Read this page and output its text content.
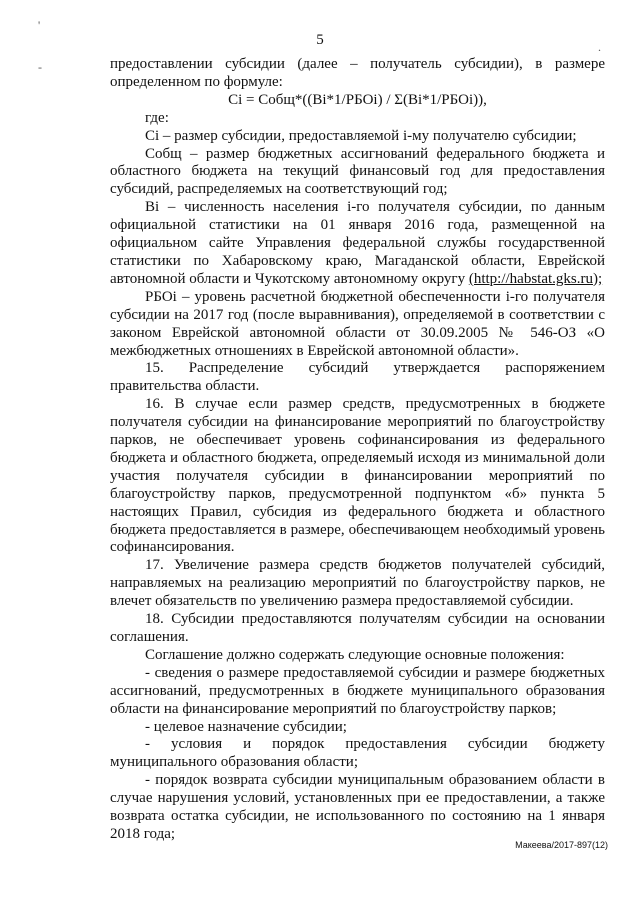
'
-
.
5

предоставлении субсидии (далее – получатель субсидии), в размере определенном по формуле:

Ci = Cобщ*((Bi*1/РБОi) / Σ(Bi*1/РБОi)),

где:

Ci – размер субсидии, предоставляемой i-му получателю субсидии;

Cобщ – размер бюджетных ассигнований федерального бюджета и областного бюджета на текущий финансовый год для предоставления субсидий, распределяемых на соответствующий год;

Bi – численность населения i-го получателя субсидии, по данным официальной статистики на 01 января 2016 года, размещенной на официальном сайте Управления федеральной службы государственной статистики по Хабаровскому краю, Магаданской области, Еврейской автономной области и Чукотскому автономному округу (http://habstat.gks.ru);

РБОi – уровень расчетной бюджетной обеспеченности i-го получателя субсидии на 2017 год (после выравнивания), определяемой в соответствии с законом Еврейской автономной области от 30.09.2005 № 546-ОЗ «О межбюджетных отношениях в Еврейской автономной области».

15. Распределение субсидий утверждается распоряжением правительства области.

16. В случае если размер средств, предусмотренных в бюджете получателя субсидии на финансирование мероприятий по благоустройству парков, не обеспечивает уровень софинансирования из федерального бюджета и областного бюджета, определяемый исходя из минимальной доли участия получателя субсидии в финансировании мероприятий по благоустройству парков, предусмотренной подпунктом «б» пункта 5 настоящих Правил, субсидия из федерального бюджета и областного бюджета предоставляется в размере, обеспечивающем необходимый уровень софинансирования.

17. Увеличение размера средств бюджетов получателей субсидий, направляемых на реализацию мероприятий по благоустройству парков, не влечет обязательств по увеличению размера предоставляемой субсидии.

18. Субсидии предоставляются получателям субсидии на основании соглашения.

Соглашение должно содержать следующие основные положения:

- сведения о размере предоставляемой субсидии и размере бюджетных ассигнований, предусмотренных в бюджете муниципального образования области на финансирование мероприятий по благоустройству парков;

- целевое назначение субсидии;

- условия и порядок предоставления субсидии бюджету муниципального образования области;

- порядок возврата субсидии муниципальным образованием области в случае нарушения условий, установленных при ее предоставлении, а также возврата остатка субсидии, не использованного по состоянию на 1 января 2018 года;

Макеева/2017-897(12)
